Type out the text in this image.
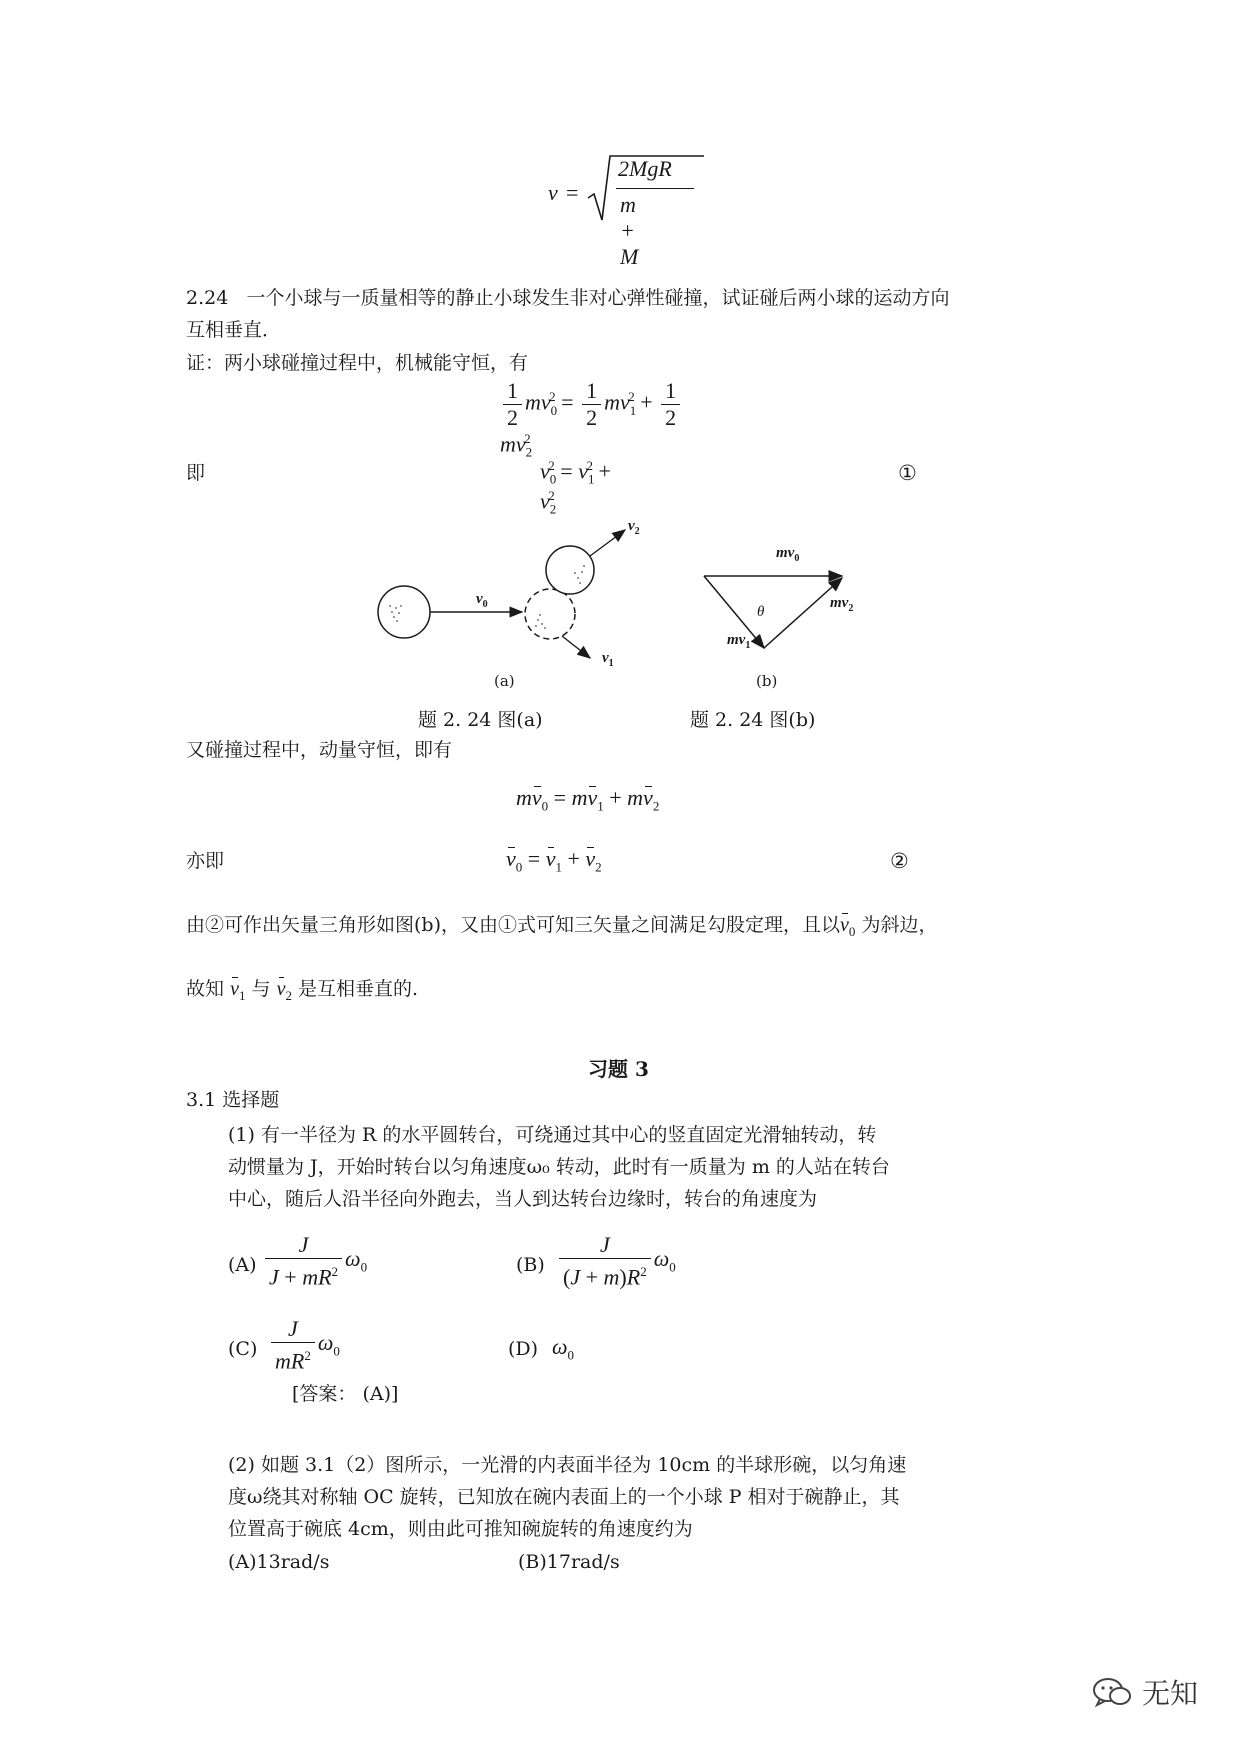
v =
2MgR
m + M
2.24 一个小球与一质量相等的静止小球发生非对心弹性碰撞，试证碰后两小球的运动方向
互相垂直．
证：两小球碰撞过程中，机械能守恒，有
$\frac{1}{2} mv_0^2 = \frac{1}{2} mv_1^2 + \frac{1}{2}$
$mv_2^2$
即	$v_0^2 = v_1^2 + v_2^2$
①
$v_0$
$v_2$
$v_1$
(a)
题 2. 24 图(a)
$mv_0$
$mv_2$
$mv_1$
θ
(b)
题 2. 24 图(b)
又碰撞过程中，动量守恒，即有
$mv_0 = mv_1 + mv_2$
亦即	$v_0 = v_1 + v_2$	②
由②可作出矢量三角形如图(b)，又由①式可知三矢量之间满足勾股定理，且以$v_0$ 为斜边，
故知 $v_1$ 与 $v_2$ 是互相垂直的.
习题 3
3.1 选择题
(1) 有一半径为 R 的水平圆转台，可绕通过其中心的竖直固定光滑轴转动，转
动惯量为 J，开始时转台以匀角速度ω₀ 转动，此时有一质量为 m 的人站在转台
中心，随后人沿半径向外跑去，当人到达转台边缘时，转台的角速度为
$(A) \frac{J}{J + mR^2} \omega_0$	$(B) \frac{J}{(J + m)R^2} \omega_0$
$(C) \frac{J}{mR^2} \omega_0$	(D) $\omega_0$
[答案： (A)]
(2) 如题 3.1（2）图所示，一光滑的内表面半径为 10cm 的半球形碗，以匀角速
度ω绕其对称轴 OC 旋转，已知放在碗内表面上的一个小球 P 相对于碗静止，其
位置高于碗底 4cm，则由此可推知碗旋转的角速度约为
(A)13rad/s	(B)17rad/s
无知
